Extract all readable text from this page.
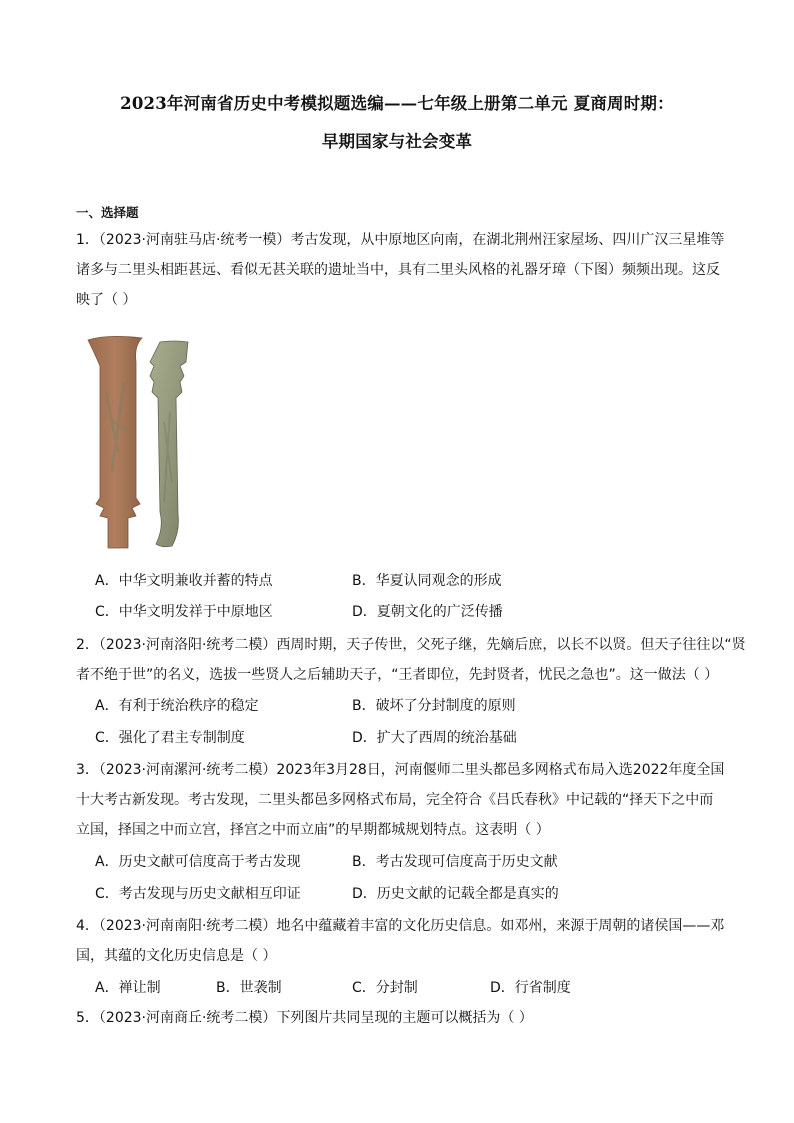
2023年河南省历史中考模拟题选编——七年级上册第二单元 夏商周时期：
早期国家与社会变革
一、选择题
1．（2023·河南驻马店·统考一模）考古发现，从中原地区向南，在湖北荆州汪家屋场、四川广汉三星堆等
诸多与二里头相距甚远、看似无甚关联的遗址当中，具有二里头风格的礼器牙璋（下图）频频出现。这反
映了（ ）
A．中华文明兼收并蓄的特点	B．华夏认同观念的形成
C．中华文明发祥于中原地区	D．夏朝文化的广泛传播
2．（2023·河南洛阳·统考二模）西周时期，天子传世，父死子继，先嫡后庶，以长不以贤。但天子往往以“贤
者不绝于世”的名义，选拔一些贤人之后辅助天子，“王者即位，先封贤者，忧民之急也”。这一做法（ ）
A．有利于统治秩序的稳定	B．破坏了分封制度的原则
C．强化了君主专制制度	D．扩大了西周的统治基础
3．（2023·河南漯河·统考二模）2023年3月28日，河南偃师二里头都邑多网格式布局入选2022年度全国
十大考古新发现。考古发现，二里头都邑多网格式布局，完全符合《吕氏春秋》中记载的“择天下之中而
立国，择国之中而立宫，择宫之中而立庙”的早期都城规划特点。这表明（ ）
A．历史文献可信度高于考古发现	B．考古发现可信度高于历史文献
C．考古发现与历史文献相互印证	D．历史文献的记载全都是真实的
4．（2023·河南南阳·统考二模）地名中蕴藏着丰富的文化历史信息。如邓州，来源于周朝的诸侯国——邓
国，其蕴的文化历史信息是（ ）
A．禅让制	B．世袭制	C．分封制	D．行省制度
5．（2023·河南商丘·统考二模）下列图片共同呈现的主题可以概括为（ ）
